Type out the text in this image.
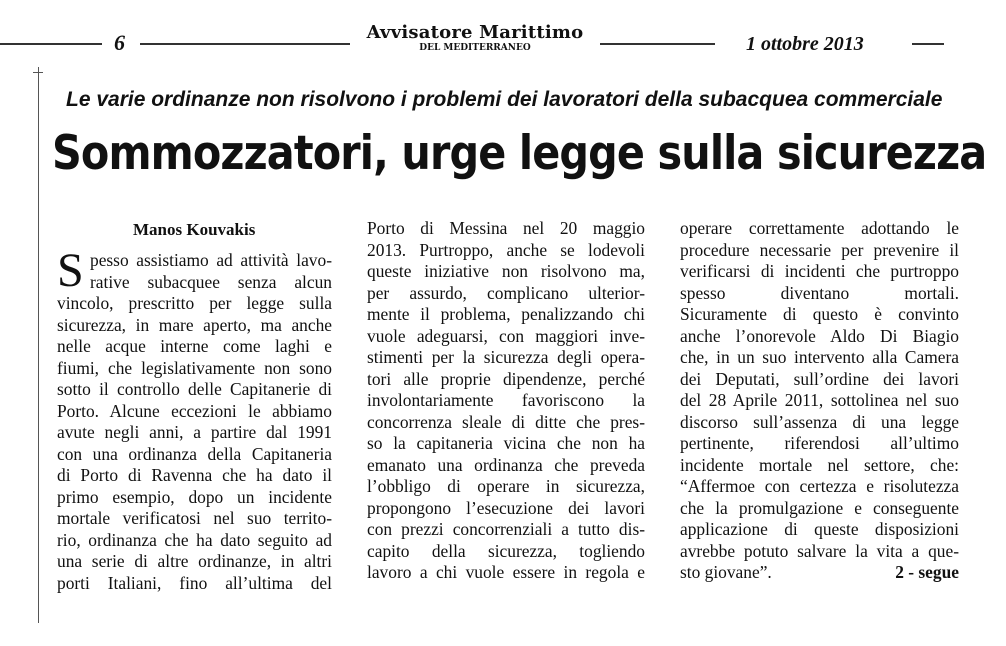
6	Avvisatore Marittimo
DEL MEDITERRANEO	1 ottobre 2013
Le varie ordinanze non risolvono i problemi dei lavoratori della subacquea commerciale
Sommozzatori, urge legge sulla sicurezza
Manos Kouvakis
S pesso assistiamo ad attività lavo-
rative subacquee senza alcun
vincolo, prescritto per legge sulla
sicurezza, in mare aperto, ma anche
nelle acque interne come laghi e
fiumi, che legislativamente non sono
sotto il controllo delle Capitanerie di
Porto. Alcune eccezioni le abbiamo
avute negli anni, a partire dal 1991
con una ordinanza della Capitaneria
di Porto di Ravenna che ha dato il
primo esempio, dopo un incidente
mortale verificatosi nel suo territo-
rio, ordinanza che ha dato seguito ad
una serie di altre ordinanze, in altri
porti Italiani, fino all’ultima del
Porto di Messina nel 20 maggio
2013. Purtroppo, anche se lodevoli
queste iniziative non risolvono ma,
per assurdo, complicano ulterior-
mente il problema, penalizzando chi
vuole adeguarsi, con maggiori inve-
stimenti per la sicurezza degli opera-
tori alle proprie dipendenze, perché
involontariamente favoriscono la
concorrenza sleale di ditte che pres-
so la capitaneria vicina che non ha
emanato una ordinanza che preveda
l’obbligo di operare in sicurezza,
propongono l’esecuzione dei lavori
con prezzi concorrenziali a tutto dis-
capito della sicurezza, togliendo
lavoro a chi vuole essere in regola e
operare correttamente adottando le
procedure necessarie per prevenire il
verificarsi di incidenti che purtroppo
spesso diventano mortali.
Sicuramente di questo è convinto
anche l’onorevole Aldo Di Biagio
che, in un suo intervento alla Camera
dei Deputati, sull’ordine dei lavori
del 28 Aprile 2011, sottolinea nel suo
discorso sull’assenza di una legge
pertinente, riferendosi all’ultimo
incidente mortale nel settore, che:
“Affermoe con certezza e risolutezza
che la promulgazione e conseguente
applicazione di queste disposizioni
avrebbe potuto salvare la vita a que-
sto giovane”.	2 - segue
